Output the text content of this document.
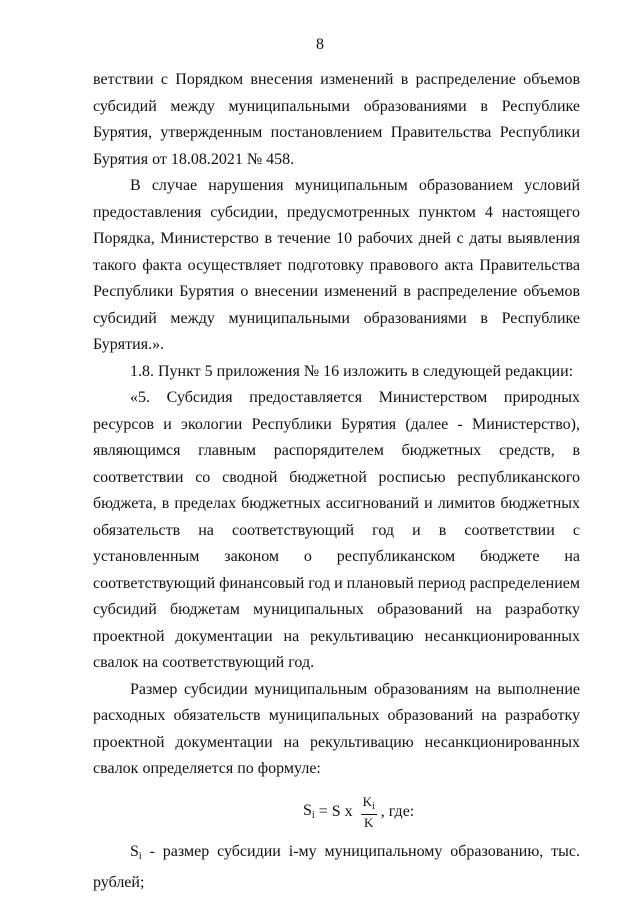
8

ветствии с Порядком внесения изменений в распределение объемов субсидий между муниципальными образованиями в Республике Бурятия, утвержденным постановлением Правительства Республики Бурятия от 18.08.2021 № 458.

В случае нарушения муниципальным образованием условий предоставления субсидии, предусмотренных пунктом 4 настоящего Порядка, Министерство в течение 10 рабочих дней с даты выявления такого факта осуществляет подготовку правового акта Правительства Республики Бурятия о внесении изменений в распределение объемов субсидий между муниципальными образованиями в Республике Бурятия.».

1.8. Пункт 5 приложения № 16 изложить в следующей редакции:

«5. Субсидия предоставляется Министерством природных ресурсов и экологии Республики Бурятия (далее - Министерство), являющимся главным распорядителем бюджетных средств, в соответствии со сводной бюджетной росписью республиканского бюджета, в пределах бюджетных ассигнований и лимитов бюджетных обязательств на соответствующий год и в соответствии с установленным законом о республиканском бюджете на соответствующий финансовый год и плановый период распределением субсидий бюджетам муниципальных образований на разработку проектной документации на рекультивацию несанкционированных свалок на соответствующий год.

Размер субсидии муниципальным образованиям на выполнение расходных обязательств муниципальных образований на разработку проектной документации на рекультивацию несанкционированных свалок определяется по формуле:

$S_i = S$ x $\frac{K_i}{K}$ , где:

$S_i$ - размер субсидии i-му муниципальному образованию, тыс. рублей;
